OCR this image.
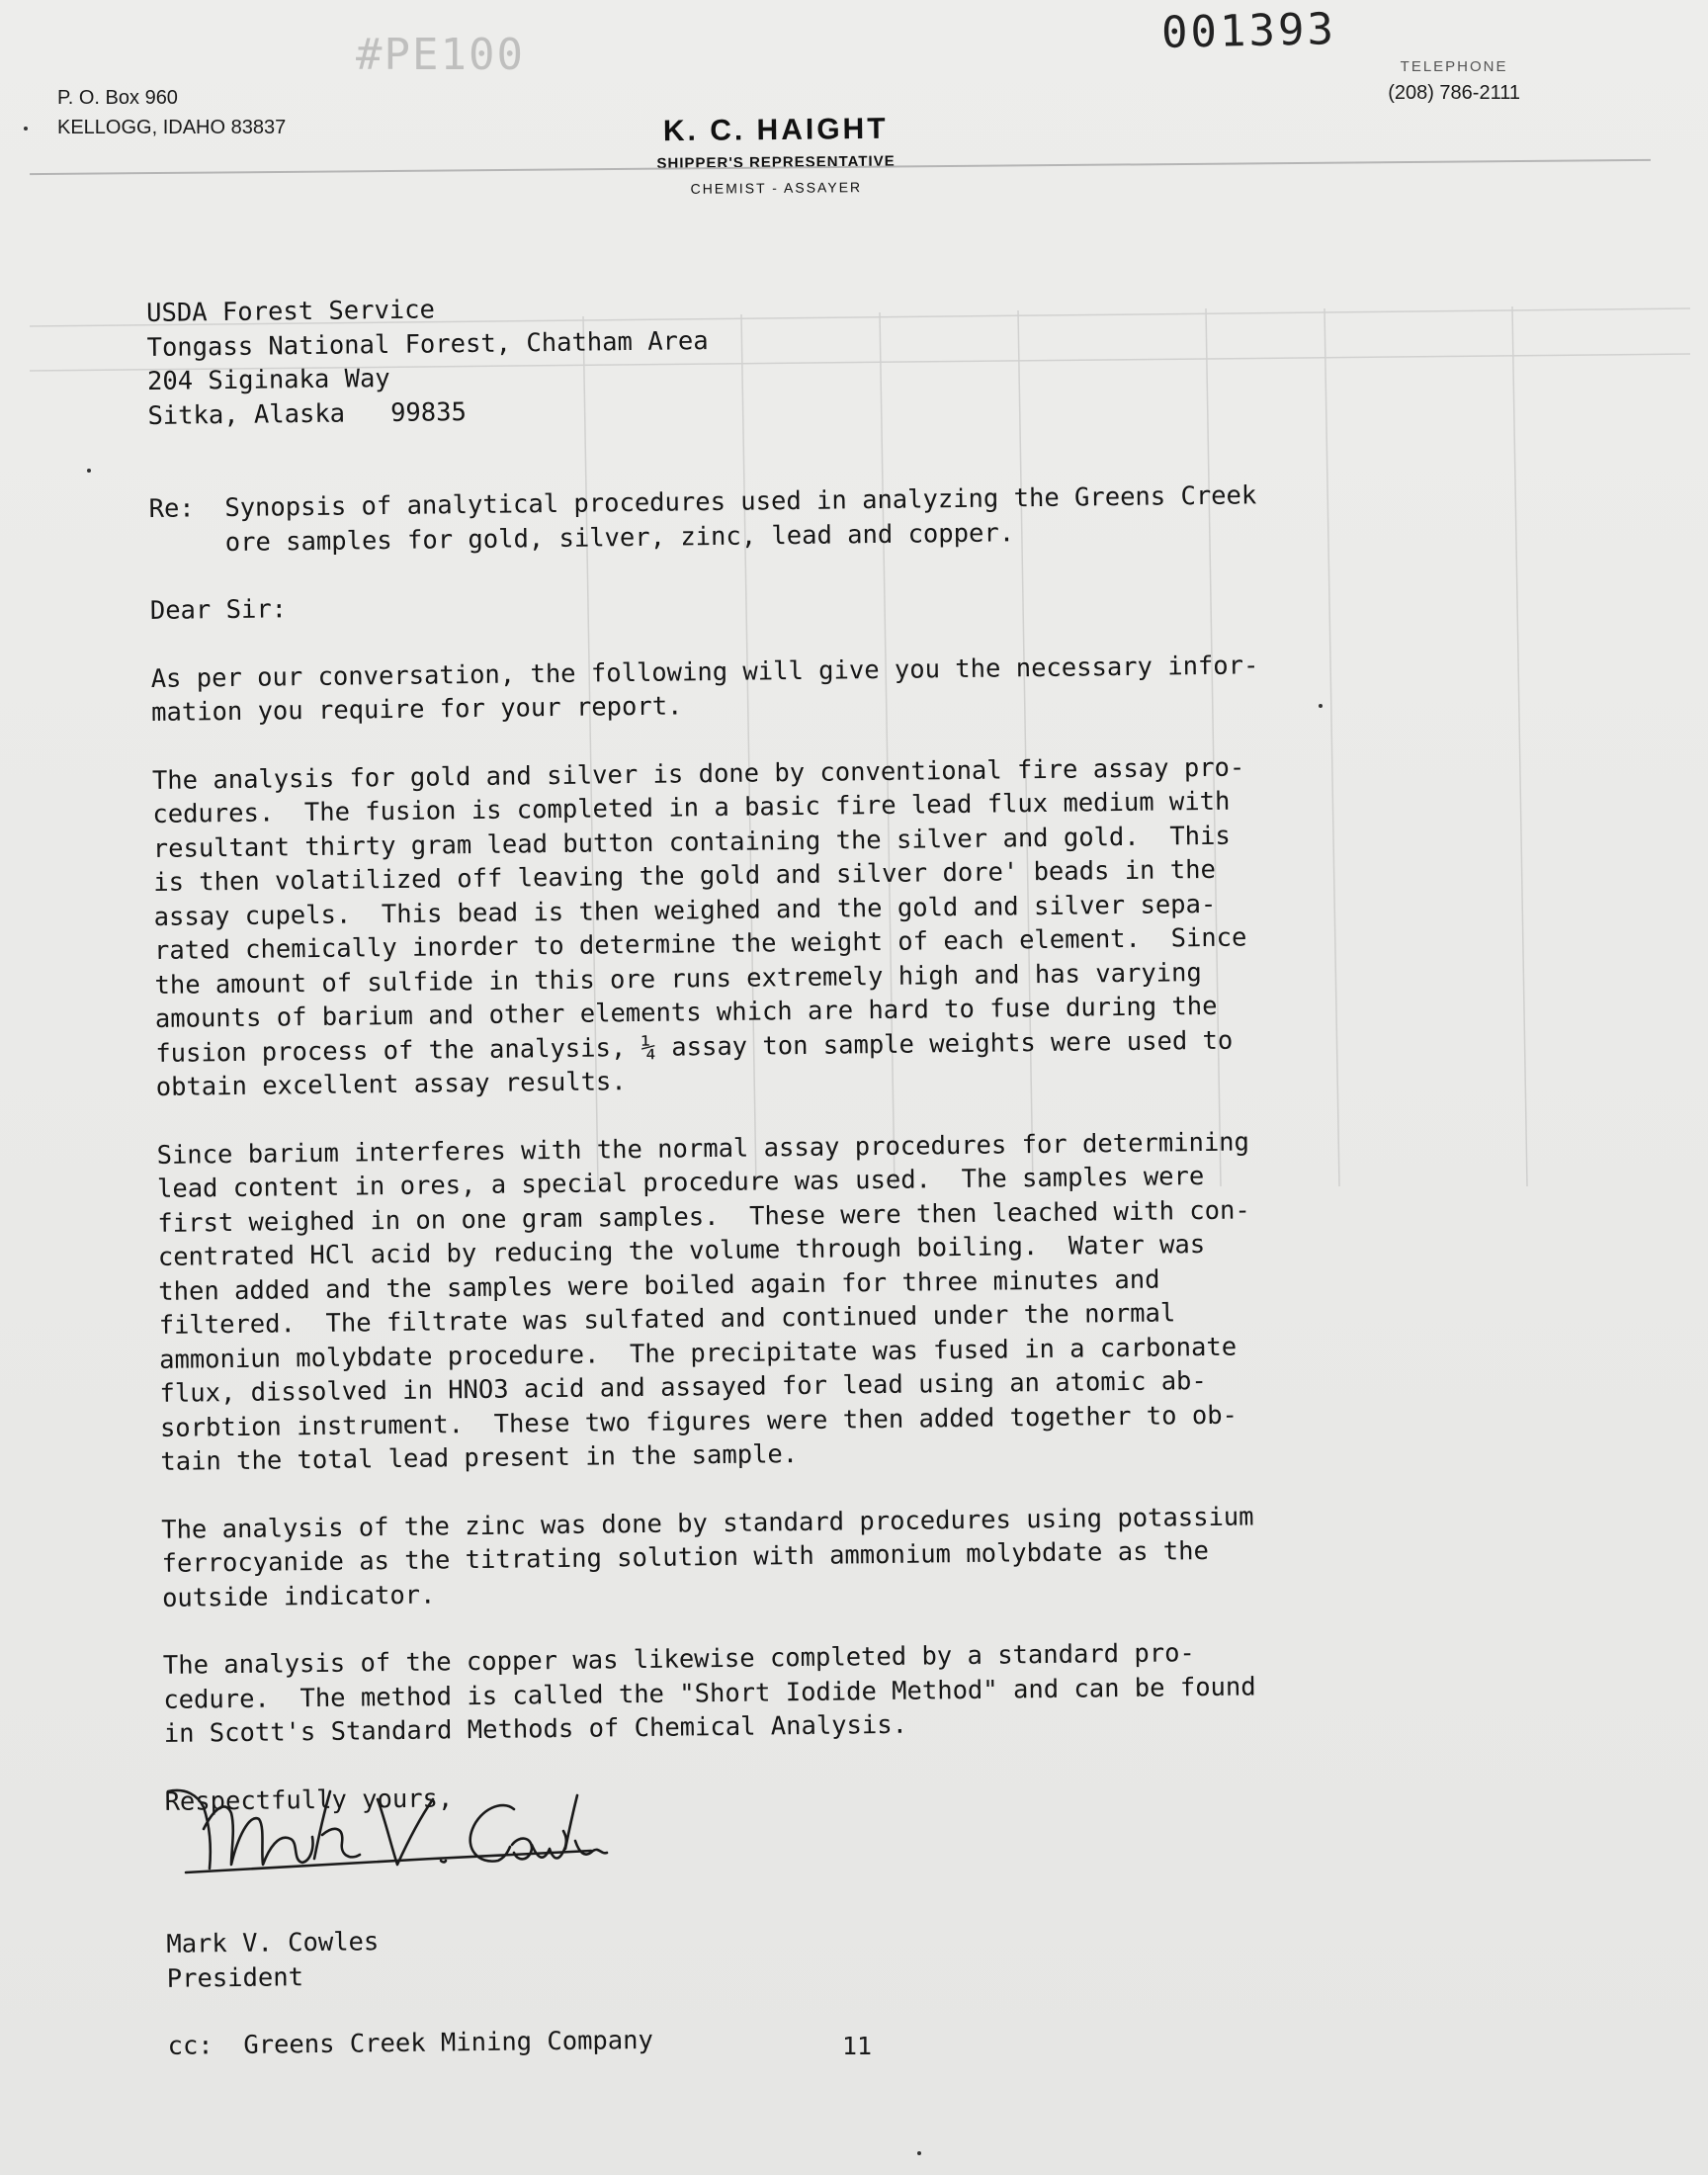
#PE100	001393
P. O. Box 960
KELLOGG, IDAHO 83837
TELEPHONE
(208) 786-2111
K. C. HAIGHT
SHIPPER'S REPRESENTATIVE
CHEMIST - ASSAYER
USDA Forest Service
Tongass National Forest, Chatham Area
204 Siginaka Way
Sitka, Alaska   99835
Re:  Synopsis of analytical procedures used in analyzing the Greens Creek
ore samples for gold, silver, zinc, lead and copper.
Dear Sir:
As per our conversation, the following will give you the necessary infor-
mation you require for your report.
The analysis for gold and silver is done by conventional fire assay pro-
cedures.  The fusion is completed in a basic fire lead flux medium with
resultant thirty gram lead button containing the silver and gold.  This
is then volatilized off leaving the gold and silver dore' beads in the
assay cupels.  This bead is then weighed and the gold and silver sepa-
rated chemically inorder to determine the weight of each element.  Since
the amount of sulfide in this ore runs extremely high and has varying
amounts of barium and other elements which are hard to fuse during the
fusion process of the analysis, ¼ assay ton sample weights were used to
obtain excellent assay results.
Since barium interferes with the normal assay procedures for determining
lead content in ores, a special procedure was used.  The samples were
first weighed in on one gram samples.  These were then leached with con-
centrated HCl acid by reducing the volume through boiling.  Water was
then added and the samples were boiled again for three minutes and
filtered.  The filtrate was sulfated and continued under the normal
ammoniun molybdate procedure.  The precipitate was fused in a carbonate
flux, dissolved in HNO3 acid and assayed for lead using an atomic ab-
sorbtion instrument.  These two figures were then added together to ob-
tain the total lead present in the sample.
The analysis of the zinc was done by standard procedures using potassium
ferrocyanide as the titrating solution with ammonium molybdate as the
outside indicator.
The analysis of the copper was likewise completed by a standard pro-
cedure.  The method is called the "Short Iodide Method" and can be found
in Scott's Standard Methods of Chemical Analysis.
Respectfully yours,
Mark V. Cowles
President
cc:  Greens Creek Mining Company	11
